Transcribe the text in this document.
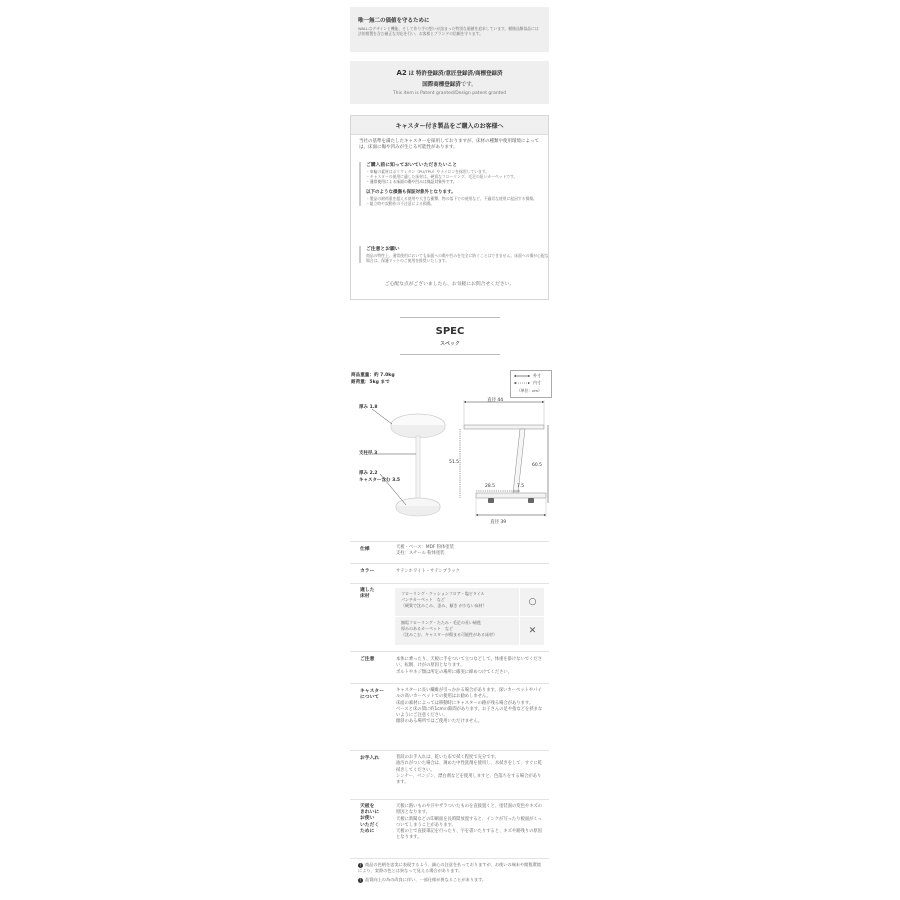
唯一無二の価値を守るために
WALLはデザインと機能、そして作り手の想いが詰まった特別な価値を追求しています。模倣品類似品には法的措置を含む厳正な対応を行い、お客様とブランドの信頼を守ります。
A2 は 特許登録済/意匠登録済/商標登録済
国際商標登録済です。
This item is Patent granted/Design patent granted
キャスター付き製品をご購入のお客様へ
当社の基準を満たしたキャスターを採用しておりますが、床材の種類や使用環境によっては、床面に傷や凹みが生じる可能性があります。
ご購入前に知っておいていただきたいこと
・車輪の素材はポリウレタン（PU/TPU）やナイロンを採用しています。
・キャスターの使用に適した床材は、硬質なフローリング、毛足の短いカーペットです。
・通常使用による床面の傷や凹みは保証対象外です。
以下のような損傷も保証対象外となります。
・製品の耐荷重を超える使用や大きな衝撃、物の落下での使用など、不適切な使用に起因する損傷。
・組立時や誤動作の不注意による損傷。
ご注意とお願い
商品の特性上、通常使用においても床面への傷や凹みを完全に防ぐことはできません。床面への傷が心配な場合は、保護マットのご使用を推奨いたします。
ご心配な点がございましたら、お気軽にお問合せください。
SPEC
スペック
商品重量：約 7.0kg
耐荷重：5kg まで
外寸
内寸
（単位：cm）
厚み 1.8
支柱径 3
厚み 2.2
キャスター含む 3.5
直径 44
51.5
60.5
28.5	7.5
直径 39
仕様	天板・ベース：MDF 粉体塗装
支柱：スチール 粉体塗装
カラー	サテンホワイト・サテンブラック
適した
床材
フローリング・クッションフロア・塩ビタイル
パンチカーペット　など
（硬質で沈みこみ、歪み、傾き が少ない床材）	○
無垢フローリング・たたみ・毛足の長い絨毯
厚みのあるカーペット　など
（沈みこむ、キャスターが傷まる可能性がある床材）	✕
ご注意	本体に乗ったり、天板に手をついて立つなどして、体重を掛けないでください。転倒、けがの原因となります。
ボルトやネジ類は所定の場所に確実に締めつけてください。
キャスター
について
キャスターに長い繊維が引っかかる場合があります。深いカーペットやパイルの高いカーペットでの使用はお勧めしません。
床面の素材によっては移動時にキャスターの跡が残る場合があります。
ベースと床の間に約1cmの隙間があります。お子さんの足や指などを挟まないようにご注意ください。
傾斜のある場所ではご使用いただけません。
お手入れ	普段のお手入れは、乾いた布で拭く程度で充分です。
油汚れがついた場合は、薄めた中性洗剤を使用し、水拭きをして、すぐに乾拭きしてください。
シンナー、ベンジン、漂白剤などを使用しますと、色落ちをする場合があります。
天板を
きれいに
お使い
いただく
ために
天板に熱いものや汗やザラついたものを直接置くと、塗装面の変色やキズの原因となります。
天板に新聞などの印刷面を長時間放置すると、インクが写ったり板面がくっついてしまうことがあります。
天板の上で直接筆記を行ったり、字を書いたりすると、キズや跡残りの原因となります。
! 商品の色柄を忠実に表現するよう、細心の注意を払っておりますが、お使いの端末や閲覧環境により、実際の色とは異なって見える場合があります。
! 品質向上の為の改良に伴い、一部仕様が異なることがあります。
